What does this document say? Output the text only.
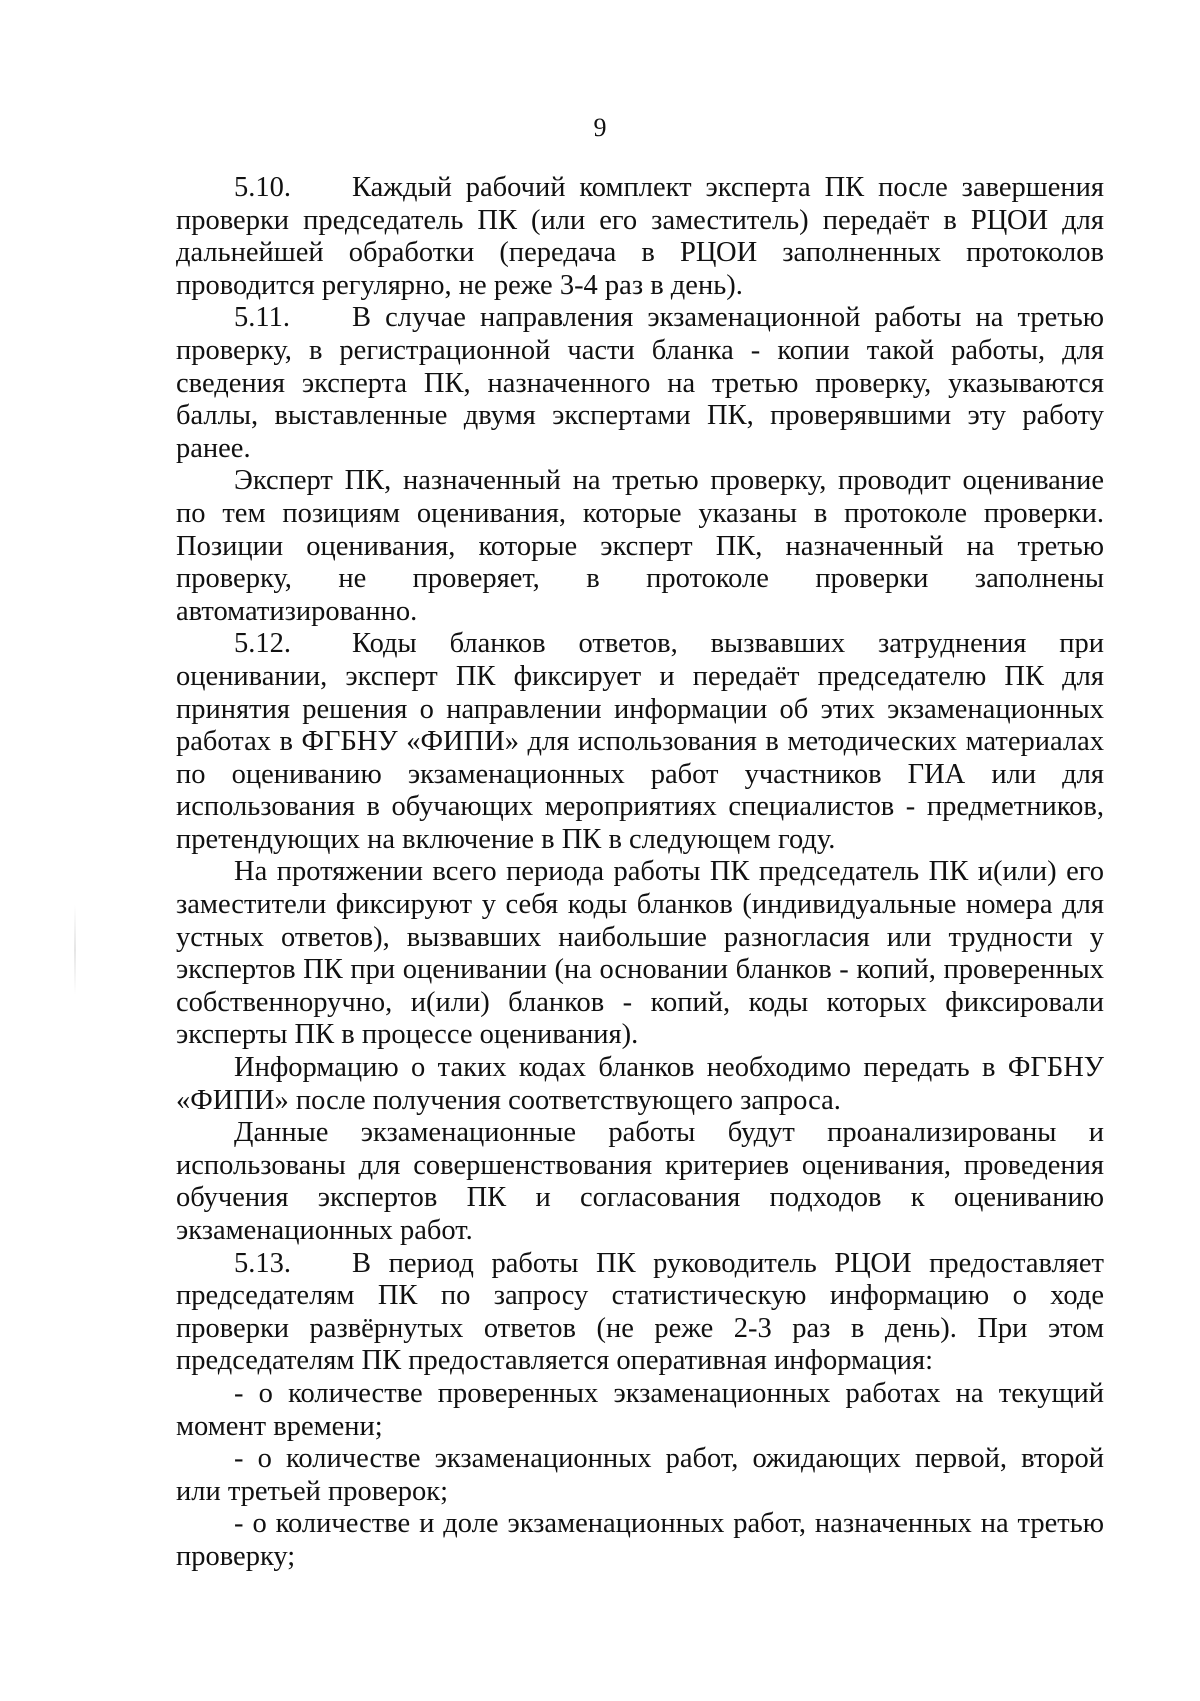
9

5.10. Каждый рабочий комплект эксперта ПК после завершения проверки председатель ПК (или его заместитель) передаёт в РЦОИ для дальнейшей обработки (передача в РЦОИ заполненных протоколов проводится регулярно, не реже 3-4 раз в день).

5.11. В случае направления экзаменационной работы на третью проверку, в регистрационной части бланка - копии такой работы, для сведения эксперта ПК, назначенного на третью проверку, указываются баллы, выставленные двумя экспертами ПК, проверявшими эту работу ранее.

Эксперт ПК, назначенный на третью проверку, проводит оценивание по тем позициям оценивания, которые указаны в протоколе проверки. Позиции оценивания, которые эксперт ПК, назначенный на третью проверку, не проверяет, в протоколе проверки заполнены автоматизированно.

5.12. Коды бланков ответов, вызвавших затруднения при оценивании, эксперт ПК фиксирует и передаёт председателю ПК для принятия решения о направлении информации об этих экзаменационных работах в ФГБНУ «ФИПИ» для использования в методических материалах по оцениванию экзаменационных работ участников ГИА или для использования в обучающих мероприятиях специалистов - предметников, претендующих на включение в ПК в следующем году.

На протяжении всего периода работы ПК председатель ПК и(или) его заместители фиксируют у себя коды бланков (индивидуальные номера для устных ответов), вызвавших наибольшие разногласия или трудности у экспертов ПК при оценивании (на основании бланков - копий, проверенных собственноручно, и(или) бланков - копий, коды которых фиксировали эксперты ПК в процессе оценивания).

Информацию о таких кодах бланков необходимо передать в ФГБНУ «ФИПИ» после получения соответствующего запроса.

Данные экзаменационные работы будут проанализированы и использованы для совершенствования критериев оценивания, проведения обучения экспертов ПК и согласования подходов к оцениванию экзаменационных работ.

5.13. В период работы ПК руководитель РЦОИ предоставляет председателям ПК по запросу статистическую информацию о ходе проверки развёрнутых ответов (не реже 2-3 раз в день). При этом председателям ПК предоставляется оперативная информация:

- о количестве проверенных экзаменационных работах на текущий момент времени;

- о количестве экзаменационных работ, ожидающих первой, второй или третьей проверок;

- о количестве и доле экзаменационных работ, назначенных на третью проверку;
